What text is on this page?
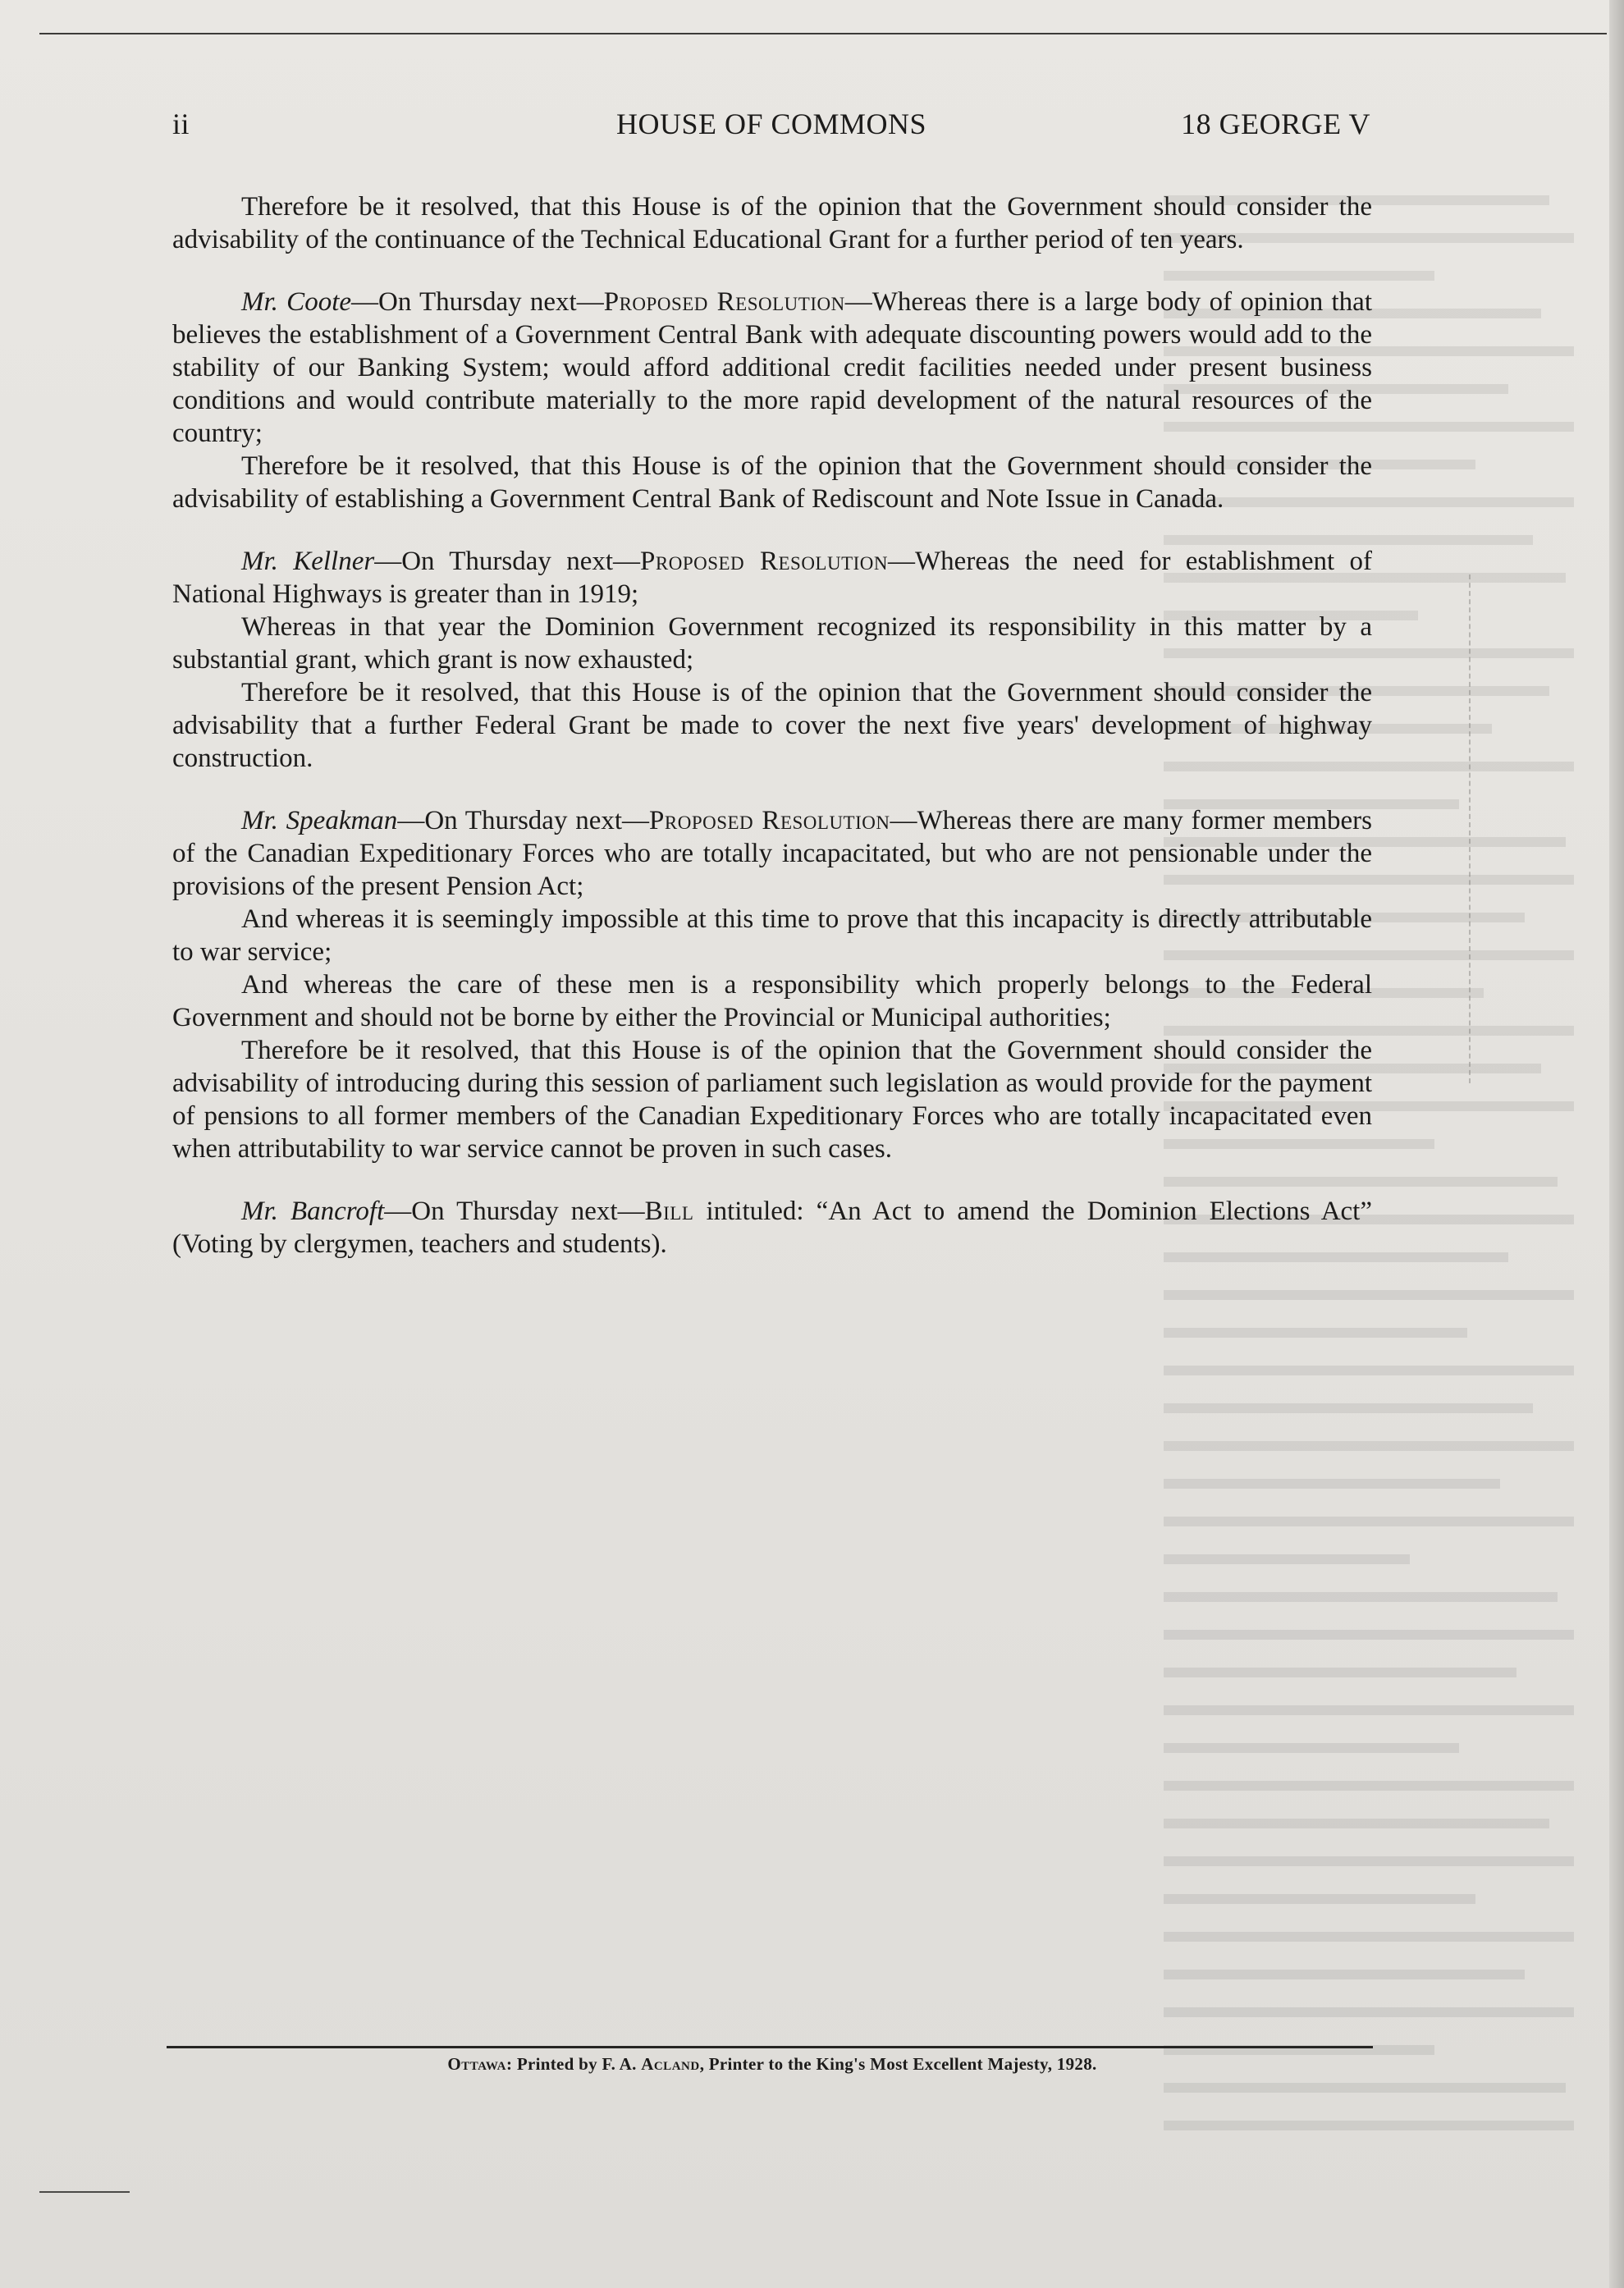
ii	HOUSE OF COMMONS	18 GEORGE V

Therefore be it resolved, that this House is of the opinion that the Government should consider the advisability of the continuance of the Technical Educational Grant for a further period of ten years.

Mr. Coote—On Thursday next—Proposed Resolution—Whereas there is a large body of opinion that believes the establishment of a Government Central Bank with adequate discounting powers would add to the stability of our Banking System; would afford additional credit facilities needed under present business conditions and would contribute materially to the more rapid development of the natural resources of the country;

Therefore be it resolved, that this House is of the opinion that the Government should consider the advisability of establishing a Government Central Bank of Rediscount and Note Issue in Canada.

Mr. Kellner—On Thursday next—Proposed Resolution—Whereas the need for establishment of National Highways is greater than in 1919;

Whereas in that year the Dominion Government recognized its responsibility in this matter by a substantial grant, which grant is now exhausted;

Therefore be it resolved, that this House is of the opinion that the Government should consider the advisability that a further Federal Grant be made to cover the next five years' development of highway construction.

Mr. Speakman—On Thursday next—Proposed Resolution—Whereas there are many former members of the Canadian Expeditionary Forces who are totally incapacitated, but who are not pensionable under the provisions of the present Pension Act;

And whereas it is seemingly impossible at this time to prove that this incapacity is directly attributable to war service;

And whereas the care of these men is a responsibility which properly belongs to the Federal Government and should not be borne by either the Provincial or Municipal authorities;

Therefore be it resolved, that this House is of the opinion that the Government should consider the advisability of introducing during this session of parliament such legislation as would provide for the payment of pensions to all former members of the Canadian Expeditionary Forces who are totally incapacitated even when attributability to war service cannot be proven in such cases.

Mr. Bancroft—On Thursday next—Bill intituled: “An Act to amend the Dominion Elections Act” (Voting by clergymen, teachers and students).

Ottawa: Printed by F. A. Acland, Printer to the King's Most Excellent Majesty, 1928.
